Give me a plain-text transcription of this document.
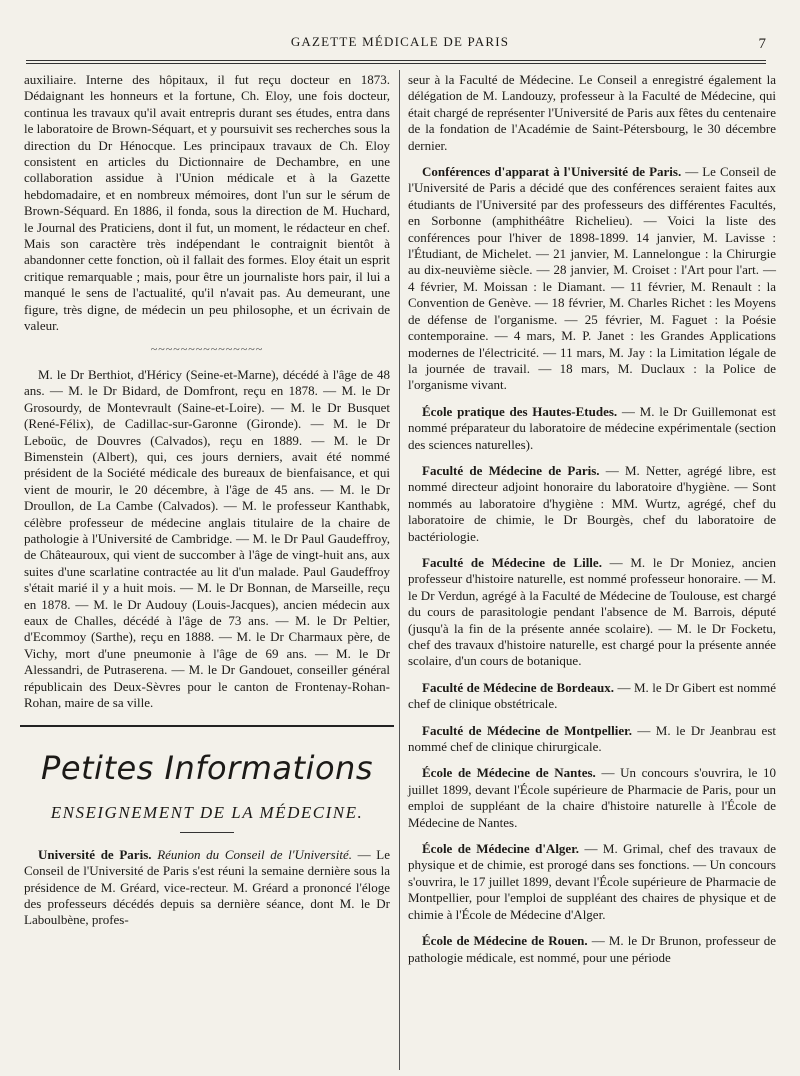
GAZETTE MÉDICALE DE PARIS	7

auxiliaire. Interne des hôpitaux, il fut reçu docteur en 1873. Dédaignant les honneurs et la fortune, Ch. Eloy, une fois docteur, continua les travaux qu'il avait entrepris durant ses études, entra dans le laboratoire de Brown-Séquart, et y poursuivit ses recherches sous la direction du Dr Hénocque. Les principaux travaux de Ch. Eloy consistent en articles du Dictionnaire de Dechambre, en une collaboration assidue à l'Union médicale et à la Gazette hebdomadaire, et en nombreux mémoires, dont l'un sur le sérum de Brown-Séquard. En 1886, il fonda, sous la direction de M. Huchard, le Journal des Praticiens, dont il fut, un moment, le rédacteur en chef. Mais son caractère très indépendant le contraignit bientôt à abandonner cette fonction, où il fallait des formes. Eloy était un esprit critique remarquable ; mais, pour être un journaliste hors pair, il lui a manqué le sens de l'actualité, qu'il n'avait pas. Au demeurant, une figure, très digne, de médecin un peu philosophe, et un écrivain de valeur.

~~~~~~~~~~~~~~~

M. le Dr Berthiot, d'Héricy (Seine-et-Marne), décédé à l'âge de 48 ans. — M. le Dr Bidard, de Domfront, reçu en 1878. — M. le Dr Grosourdy, de Montevrault (Saine-et-Loire). — M. le Dr Busquet (René-Félix), de Cadillac-sur-Garonne (Gironde). — M. le Dr Leboüc, de Douvres (Calvados), reçu en 1889. — M. le Dr Bimenstein (Albert), qui, ces jours derniers, avait été nommé président de la Société médicale des bureaux de bienfaisance, et qui vient de mourir, le 20 décembre, à l'âge de 45 ans. — M. le Dr Droullon, de La Cambe (Calvados). — M. le professeur Kanthabk, célèbre professeur de médecine anglais titulaire de la chaire de pathologie à l'Université de Cambridge. — M. le Dr Paul Gaudeffroy, de Châteauroux, qui vient de succomber à l'âge de vingt-huit ans, aux suites d'une scarlatine contractée au lit d'un malade. Paul Gaudeffroy s'était marié il y a huit mois. — M. le Dr Bonnan, de Marseille, reçu en 1878. — M. le Dr Audouy (Louis-Jacques), ancien médecin aux eaux de Challes, décédé à l'âge de 73 ans. — M. le Dr Peltier, d'Ecommoy (Sarthe), reçu en 1888. — M. le Dr Charmaux père, de Vichy, mort d'une pneumonie à l'âge de 69 ans. — M. le Dr Alessandri, de Putraserena. — M. le Dr Gandouet, conseiller général républicain des Deux-Sèvres pour le canton de Frontenay-Rohan-Rohan, maire de sa ville.

Petites Informations
ENSEIGNEMENT DE LA MÉDECINE.

Université de Paris. Réunion du Conseil de l'Université. — Le Conseil de l'Université de Paris s'est réuni la semaine dernière sous la présidence de M. Gréard, vice-recteur. M. Gréard a prononcé l'éloge des professeurs décédés depuis sa dernière séance, dont M. le Dr Laboulbène, profes-

seur à la Faculté de Médecine. Le Conseil a enregistré également la délégation de M. Landouzy, professeur à la Faculté de Médecine, qui était chargé de représenter l'Université de Paris aux fêtes du centenaire de la fondation de l'Académie de Saint-Pétersbourg, le 30 décembre dernier.

Conférences d'apparat à l'Université de Paris. — Le Conseil de l'Université de Paris a décidé que des conférences seraient faites aux étudiants de l'Université par des professeurs des différentes Facultés, en Sorbonne (amphithéâtre Richelieu). — Voici la liste des conférences pour l'hiver de 1898-1899. 14 janvier, M. Lavisse : l'Étudiant, de Michelet. — 21 janvier, M. Lannelongue : la Chirurgie au dix-neuvième siècle. — 28 janvier, M. Croiset : l'Art pour l'art. — 4 février, M. Moissan : le Diamant. — 11 février, M. Renault : la Convention de Genève. — 18 février, M. Charles Richet : les Moyens de défense de l'organisme. — 25 février, M. Faguet : la Poésie contemporaine. — 4 mars, M. P. Janet : les Grandes Applications modernes de l'électricité. — 11 mars, M. Jay : la Limitation légale de la journée de travail. — 18 mars, M. Duclaux : la Police de l'organisme vivant.

École pratique des Hautes-Etudes. — M. le Dr Guillemonat est nommé préparateur du laboratoire de médecine expérimentale (section des sciences naturelles).

Faculté de Médecine de Paris. — M. Netter, agrégé libre, est nommé directeur adjoint honoraire du laboratoire d'hygiène. — Sont nommés au laboratoire d'hygiène : MM. Wurtz, agrégé, chef du laboratoire de chimie, le Dr Bourgès, chef du laboratoire de bactériologie.

Faculté de Médecine de Lille. — M. le Dr Moniez, ancien professeur d'histoire naturelle, est nommé professeur honoraire. — M. le Dr Verdun, agrégé à la Faculté de Médecine de Toulouse, est chargé du cours de parasitologie pendant l'absence de M. Barrois, député (jusqu'à la fin de la présente année scolaire). — M. le Dr Focketu, chef des travaux d'histoire naturelle, est chargé pour la présente année scolaire, d'un cours de botanique.

Faculté de Médecine de Bordeaux. — M. le Dr Gibert est nommé chef de clinique obstétricale.

Faculté de Médecine de Montpellier. — M. le Dr Jeanbrau est nommé chef de clinique chirurgicale.

École de Médecine de Nantes. — Un concours s'ouvrira, le 10 juillet 1899, devant l'École supérieure de Pharmacie de Paris, pour un emploi de suppléant de la chaire d'histoire naturelle à l'École de Médecine de Nantes.

École de Médecine d'Alger. — M. Grimal, chef des travaux de physique et de chimie, est prorogé dans ses fonctions. — Un concours s'ouvrira, le 17 juillet 1899, devant l'École supérieure de Pharmacie de Montpellier, pour l'emploi de suppléant des chaires de physique et de chimie à l'École de Médecine d'Alger.

École de Médecine de Rouen. — M. le Dr Brunon, professeur de pathologie médicale, est nommé, pour une période
